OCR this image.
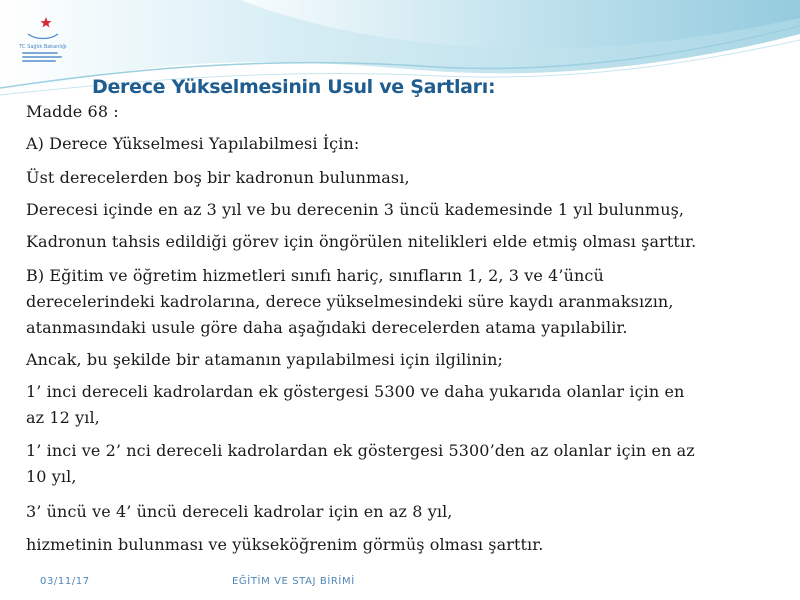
TC Sağlık Bakanlığı
Derece Yükselmesinin Usul ve Şartları:

Madde 68 :

A) Derece Yükselmesi Yapılabilmesi İçin:

Üst derecelerden boş bir kadronun bulunması,

Derecesi içinde en az 3 yıl ve bu derecenin 3 üncü kademesinde 1 yıl bulunmuş,

Kadronun tahsis edildiği görev için öngörülen nitelikleri elde etmiş olması şarttır.

B) Eğitim ve öğretim hizmetleri sınıfı hariç, sınıfların 1, 2, 3 ve 4’üncü

derecelerindeki kadrolarına, derece yükselmesindeki süre kaydı aranmaksızın,

atanmasındaki usule göre daha aşağıdaki derecelerden atama yapılabilir.

Ancak, bu şekilde bir atamanın yapılabilmesi için ilgilinin;

1’ inci dereceli kadrolardan ek göstergesi 5300 ve daha yukarıda olanlar için en

az 12 yıl,

1’ inci ve 2’ nci dereceli kadrolardan ek göstergesi 5300’den az olanlar için en az

10 yıl,

3’ üncü ve 4’ üncü dereceli kadrolar için en az 8 yıl,

hizmetinin bulunması ve yükseköğrenim görmüş olması şarttır.

03/11/17	EĞİTİM VE STAJ BİRİMİ
